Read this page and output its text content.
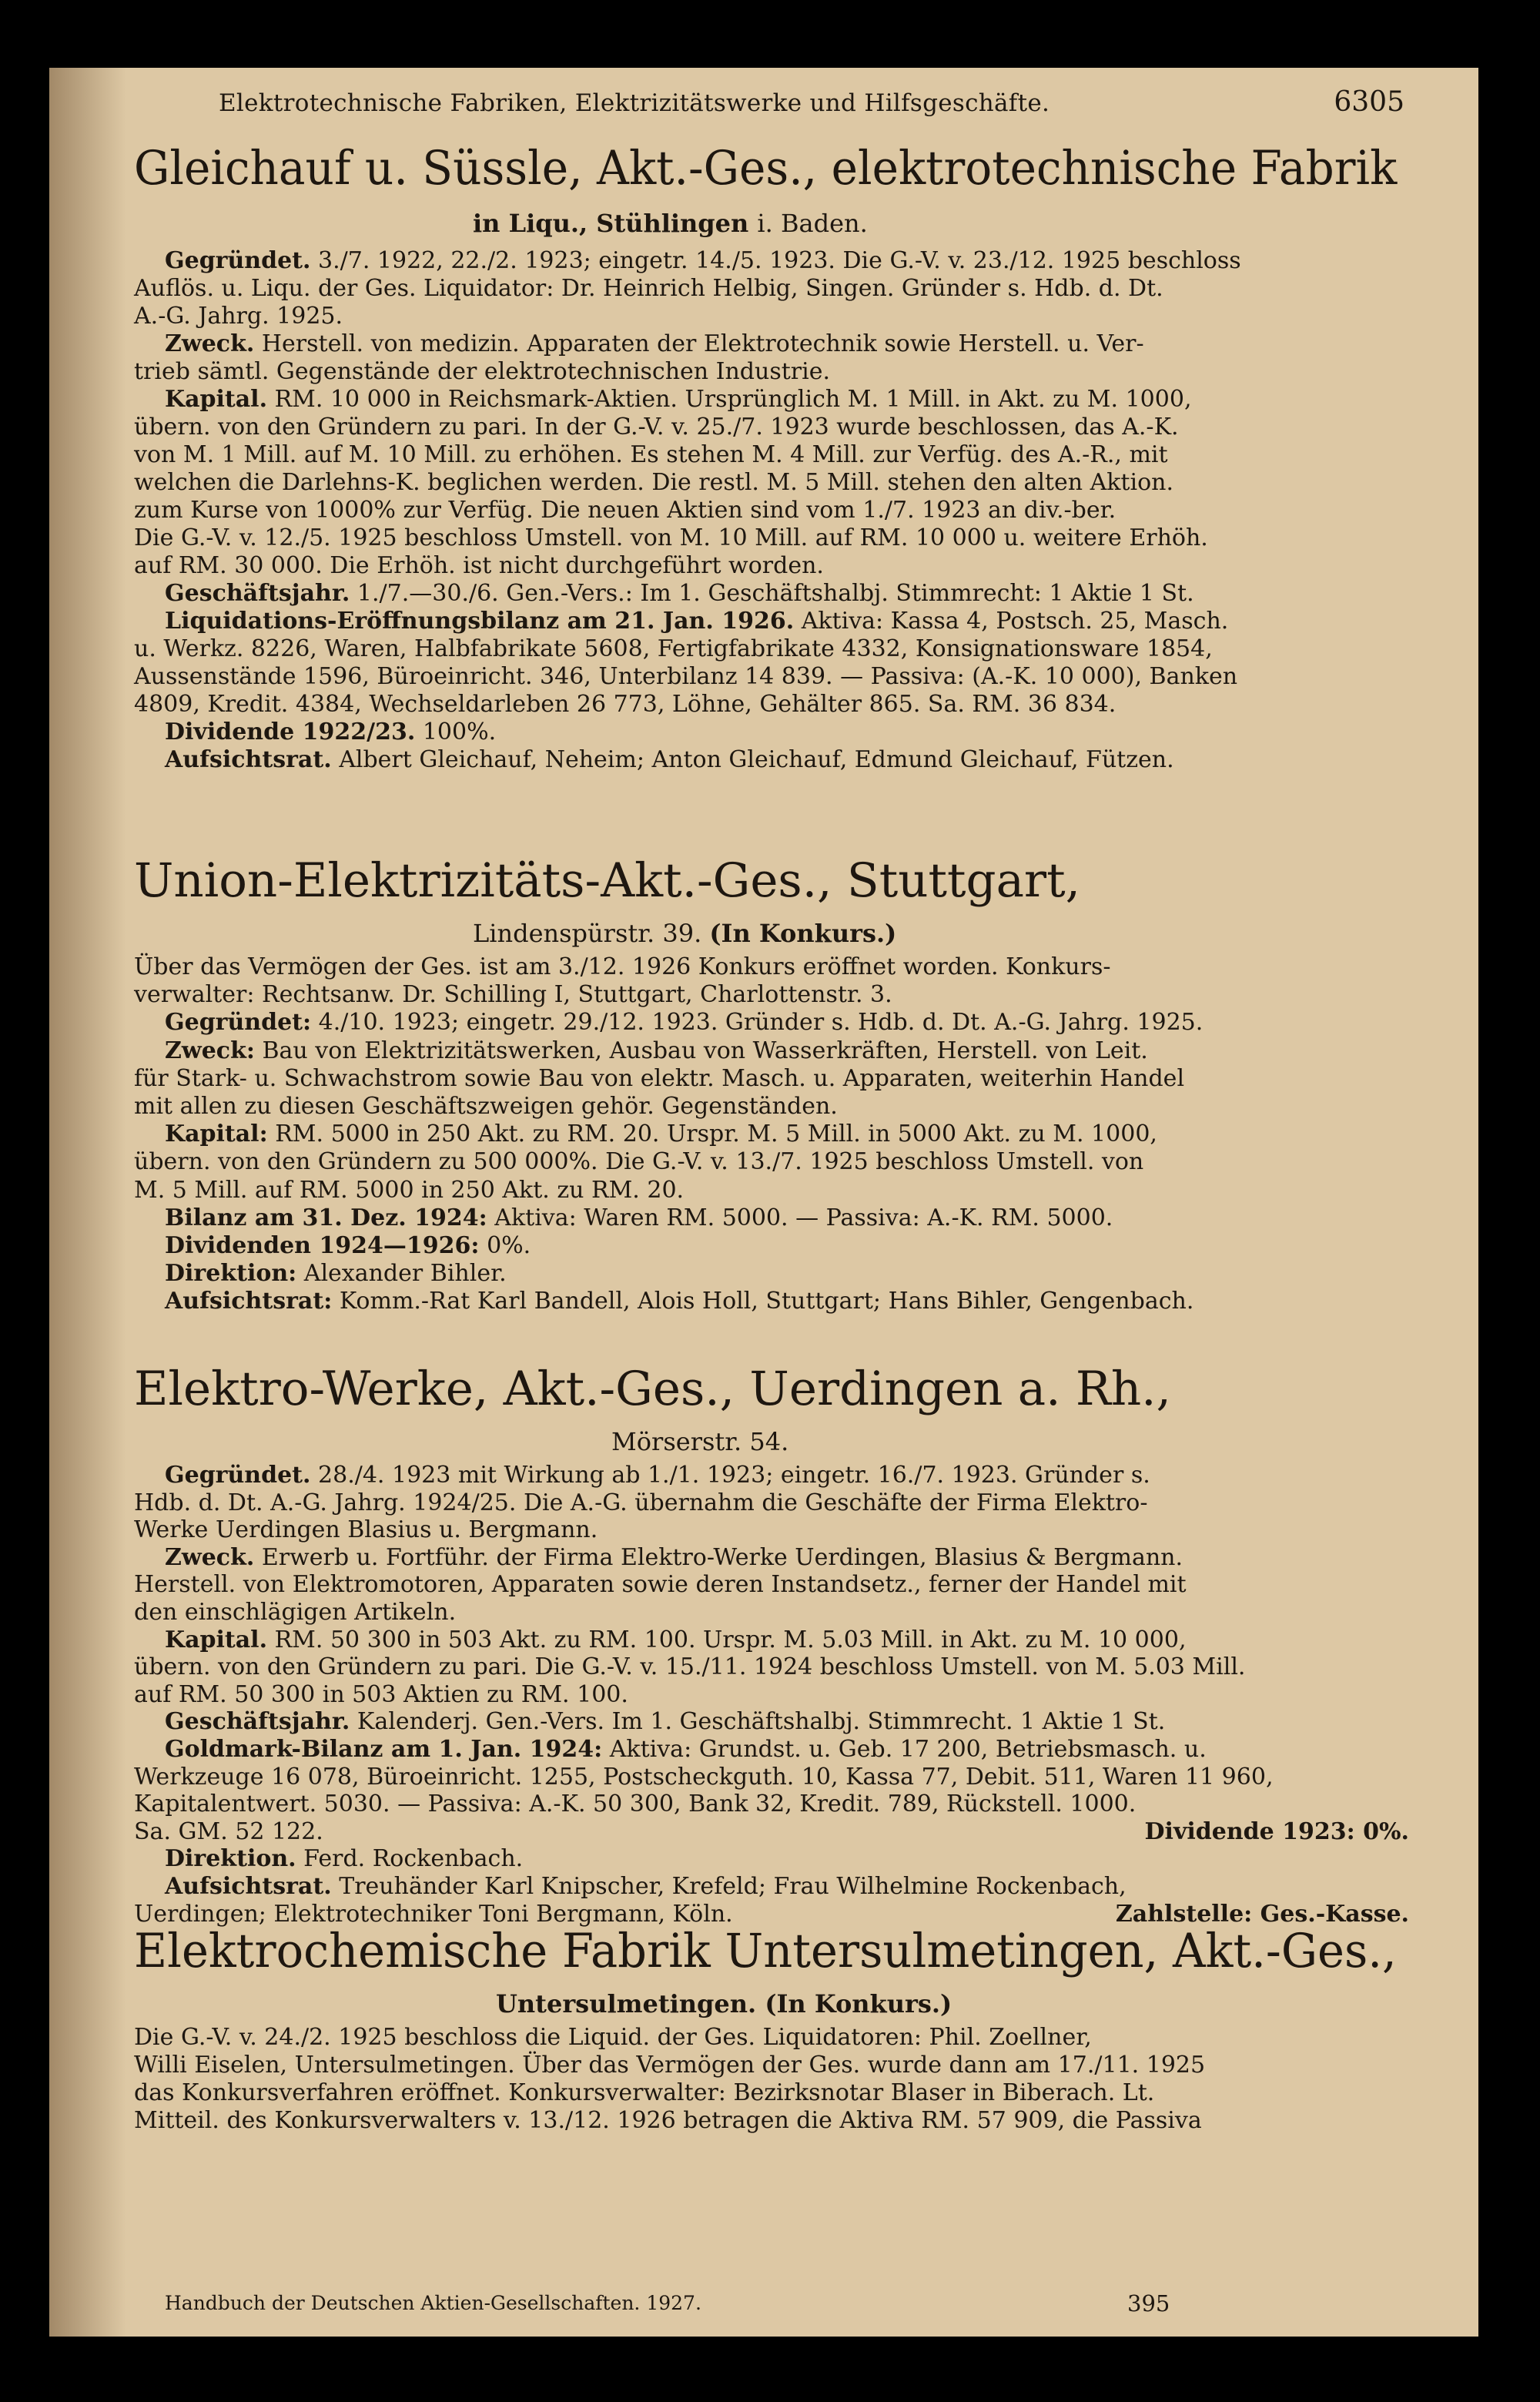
Elektrotechnische Fabriken, Elektrizitätswerke und Hilfsgeschäfte.	6305
Gleichauf u. Süssle, Akt.-Ges., elektrotechnische Fabrik
in Liqu., Stühlingen i. Baden.
Gegründet. 3./7. 1922, 22./2. 1923; eingetr. 14./5. 1923. Die G.-V. v. 23./12. 1925 beschloss
Auflös. u. Liqu. der Ges. Liquidator: Dr. Heinrich Helbig, Singen. Gründer s. Hdb. d. Dt.
A.-G. Jahrg. 1925.
Zweck. Herstell. von medizin. Apparaten der Elektrotechnik sowie Herstell. u. Ver-
trieb sämtl. Gegenstände der elektrotechnischen Industrie.
Kapital. RM. 10 000 in Reichsmark-Aktien. Ursprünglich M. 1 Mill. in Akt. zu M. 1000,
übern. von den Gründern zu pari. In der G.-V. v. 25./7. 1923 wurde beschlossen, das A.-K.
von M. 1 Mill. auf M. 10 Mill. zu erhöhen. Es stehen M. 4 Mill. zur Verfüg. des A.-R., mit
welchen die Darlehns-K. beglichen werden. Die restl. M. 5 Mill. stehen den alten Aktion.
zum Kurse von 1000% zur Verfüg. Die neuen Aktien sind vom 1./7. 1923 an div.-ber.
Die G.-V. v. 12./5. 1925 beschloss Umstell. von M. 10 Mill. auf RM. 10 000 u. weitere Erhöh.
auf RM. 30 000. Die Erhöh. ist nicht durchgeführt worden.
Geschäftsjahr. 1./7.—30./6. Gen.-Vers.: Im 1. Geschäftshalbj. Stimmrecht: 1 Aktie 1 St.
Liquidations-Eröffnungsbilanz am 21. Jan. 1926. Aktiva: Kassa 4, Postsch. 25, Masch.
u. Werkz. 8226, Waren, Halbfabrikate 5608, Fertigfabrikate 4332, Konsignationsware 1854,
Aussenstände 1596, Büroeinricht. 346, Unterbilanz 14 839. — Passiva: (A.-K. 10 000), Banken
4809, Kredit. 4384, Wechseldarleben 26 773, Löhne, Gehälter 865. Sa. RM. 36 834.
Dividende 1922/23. 100%.
Aufsichtsrat. Albert Gleichauf, Neheim; Anton Gleichauf, Edmund Gleichauf, Fützen.
Union-Elektrizitäts-Akt.-Ges., Stuttgart,
Lindenspürstr. 39. (In Konkurs.)
Über das Vermögen der Ges. ist am 3./12. 1926 Konkurs eröffnet worden. Konkurs-
verwalter: Rechtsanw. Dr. Schilling I, Stuttgart, Charlottenstr. 3.
Gegründet: 4./10. 1923; eingetr. 29./12. 1923. Gründer s. Hdb. d. Dt. A.-G. Jahrg. 1925.
Zweck: Bau von Elektrizitätswerken, Ausbau von Wasserkräften, Herstell. von Leit.
für Stark- u. Schwachstrom sowie Bau von elektr. Masch. u. Apparaten, weiterhin Handel
mit allen zu diesen Geschäftszweigen gehör. Gegenständen.
Kapital: RM. 5000 in 250 Akt. zu RM. 20. Urspr. M. 5 Mill. in 5000 Akt. zu M. 1000,
übern. von den Gründern zu 500 000%. Die G.-V. v. 13./7. 1925 beschloss Umstell. von
M. 5 Mill. auf RM. 5000 in 250 Akt. zu RM. 20.
Bilanz am 31. Dez. 1924: Aktiva: Waren RM. 5000. — Passiva: A.-K. RM. 5000.
Dividenden 1924—1926: 0%.
Direktion: Alexander Bihler.
Aufsichtsrat: Komm.-Rat Karl Bandell, Alois Holl, Stuttgart; Hans Bihler, Gengenbach.
Elektro-Werke, Akt.-Ges., Uerdingen a. Rh.,
Mörserstr. 54.
Gegründet. 28./4. 1923 mit Wirkung ab 1./1. 1923; eingetr. 16./7. 1923. Gründer s.
Hdb. d. Dt. A.-G. Jahrg. 1924/25. Die A.-G. übernahm die Geschäfte der Firma Elektro-
Werke Uerdingen Blasius u. Bergmann.
Zweck. Erwerb u. Fortführ. der Firma Elektro-Werke Uerdingen, Blasius & Bergmann.
Herstell. von Elektromotoren, Apparaten sowie deren Instandsetz., ferner der Handel mit
den einschlägigen Artikeln.
Kapital. RM. 50 300 in 503 Akt. zu RM. 100. Urspr. M. 5.03 Mill. in Akt. zu M. 10 000,
übern. von den Gründern zu pari. Die G.-V. v. 15./11. 1924 beschloss Umstell. von M. 5.03 Mill.
auf RM. 50 300 in 503 Aktien zu RM. 100.
Geschäftsjahr. Kalenderj. Gen.-Vers. Im 1. Geschäftshalbj. Stimmrecht. 1 Aktie 1 St.
Goldmark-Bilanz am 1. Jan. 1924: Aktiva: Grundst. u. Geb. 17 200, Betriebsmasch. u.
Werkzeuge 16 078, Büroeinricht. 1255, Postscheckguth. 10, Kassa 77, Debit. 511, Waren 11 960,
Kapitalentwert. 5030. — Passiva: A.-K. 50 300, Bank 32, Kredit. 789, Rückstell. 1000.
Sa. GM. 52 122.	Dividende 1923: 0%.
Direktion. Ferd. Rockenbach.
Aufsichtsrat. Treuhänder Karl Knipscher, Krefeld; Frau Wilhelmine Rockenbach,
Uerdingen; Elektrotechniker Toni Bergmann, Köln.	Zahlstelle: Ges.-Kasse.
Elektrochemische Fabrik Untersulmetingen, Akt.-Ges.,
Untersulmetingen. (In Konkurs.)
Die G.-V. v. 24./2. 1925 beschloss die Liquid. der Ges. Liquidatoren: Phil. Zoellner,
Willi Eiselen, Untersulmetingen. Über das Vermögen der Ges. wurde dann am 17./11. 1925
das Konkursverfahren eröffnet. Konkursverwalter: Bezirksnotar Blaser in Biberach. Lt.
Mitteil. des Konkursverwalters v. 13./12. 1926 betragen die Aktiva RM. 57 909, die Passiva
Handbuch der Deutschen Aktien-Gesellschaften. 1927.	395
